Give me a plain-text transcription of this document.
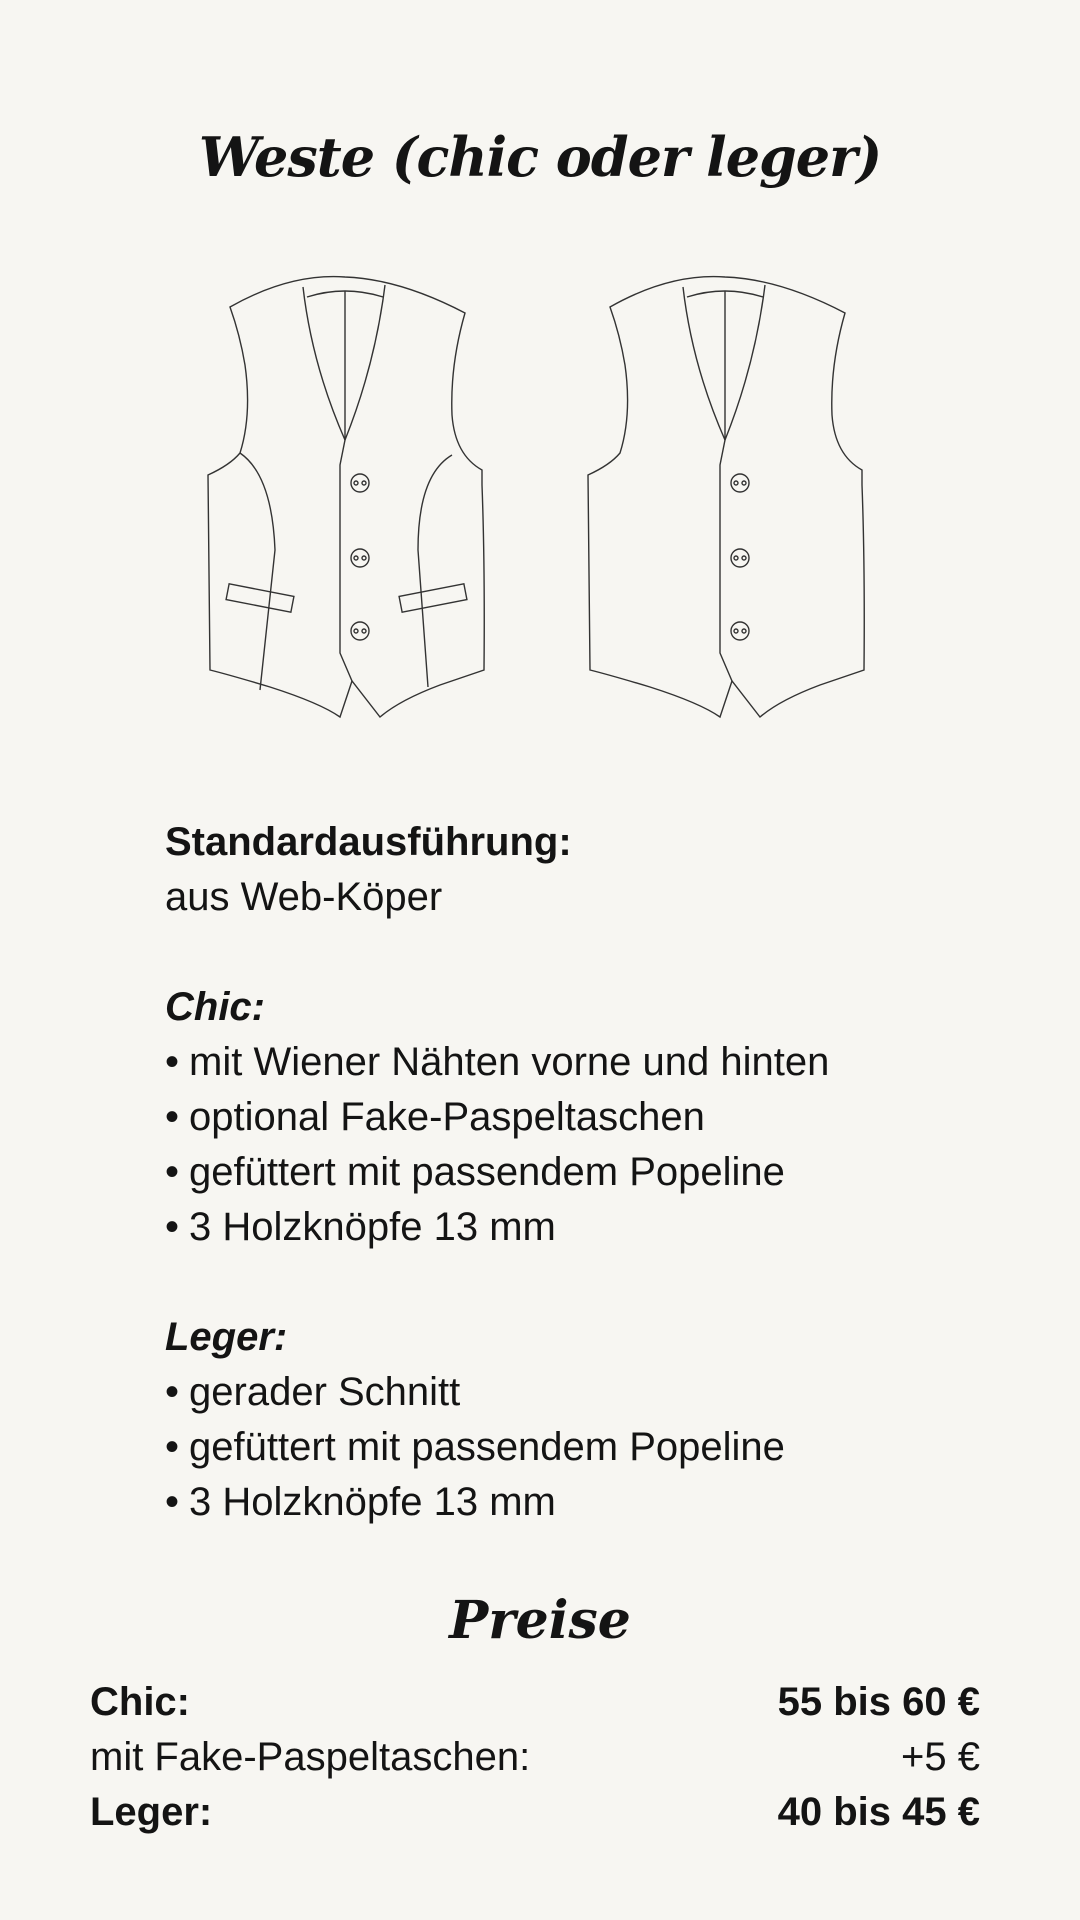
Weste (chic oder leger)

Standardausführung:

aus Web-Köper

Chic:

• mit Wiener Nähten vorne und hinten

• optional Fake-Paspeltaschen

• gefüttert mit passendem Popeline

• 3 Holzknöpfe 13 mm

Leger:

• gerader Schnitt

• gefüttert mit passendem Popeline

• 3 Holzknöpfe 13 mm

Preise
Chic:	55 bis 60 €
mit Fake-Paspeltaschen:	+5 €
Leger:	40 bis 45 €
